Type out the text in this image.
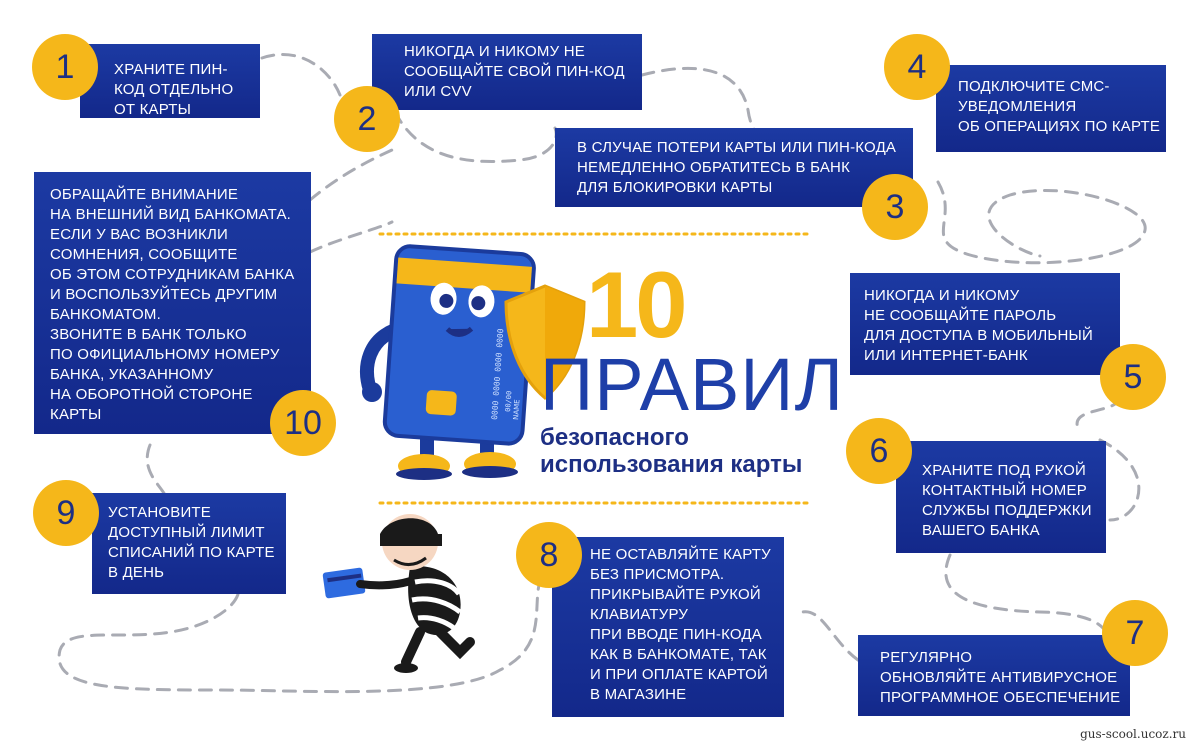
0000 0000 0000 0000
00/00
NAME
10
ПРАВИЛ
безопасного
использования карты
ХРАНИТЕ ПИН-
КОД ОТДЕЛЬНО
ОТ КАРТЫ
1	НИКОГДА И НИКОМУ НЕ
СООБЩАЙТЕ СВОЙ ПИН-КОД
ИЛИ CVV
2
В СЛУЧАЕ ПОТЕРИ КАРТЫ ИЛИ ПИН-КОДА
НЕМЕДЛЕННО ОБРАТИТЕСЬ В БАНК
ДЛЯ БЛОКИРОВКИ КАРТЫ
3
ПОДКЛЮЧИТЕ СМС-
УВЕДОМЛЕНИЯ
ОБ ОПЕРАЦИЯХ ПО КАРТЕ
4
НИКОГДА И НИКОМУ
НЕ СООБЩАЙТЕ ПАРОЛЬ
ДЛЯ ДОСТУПА В МОБИЛЬНЫЙ
ИЛИ ИНТЕРНЕТ-БАНК
5
ХРАНИТЕ ПОД РУКОЙ
КОНТАКТНЫЙ НОМЕР
СЛУЖБЫ ПОДДЕРЖКИ
ВАШЕГО БАНКА
6
РЕГУЛЯРНО
ОБНОВЛЯЙТЕ АНТИВИРУСНОЕ
ПРОГРАММНОЕ ОБЕСПЕЧЕНИЕ
7
НЕ ОСТАВЛЯЙТЕ КАРТУ
БЕЗ ПРИСМОТРА.
ПРИКРЫВАЙТЕ РУКОЙ
КЛАВИАТУРУ
ПРИ ВВОДЕ ПИН-КОДА
КАК В БАНКОМАТЕ, ТАК
И ПРИ ОПЛАТЕ КАРТОЙ
В МАГАЗИНЕ
8
УСТАНОВИТЕ
ДОСТУПНЫЙ ЛИМИТ
СПИСАНИЙ ПО КАРТЕ
В ДЕНЬ
9
ОБРАЩАЙТЕ ВНИМАНИЕ
НА ВНЕШНИЙ ВИД БАНКОМАТА.
ЕСЛИ У ВАС ВОЗНИКЛИ
СОМНЕНИЯ, СООБЩИТЕ
ОБ ЭТОМ СОТРУДНИКАМ БАНКА
И ВОСПОЛЬЗУЙТЕСЬ ДРУГИМ
БАНКОМАТОМ.
ЗВОНИТЕ В БАНК ТОЛЬКО
ПО ОФИЦИАЛЬНОМУ НОМЕРУ
БАНКА, УКАЗАННОМУ
НА ОБОРОТНОЙ СТОРОНЕ
КАРТЫ	10
gus-scool.ucoz.ru
